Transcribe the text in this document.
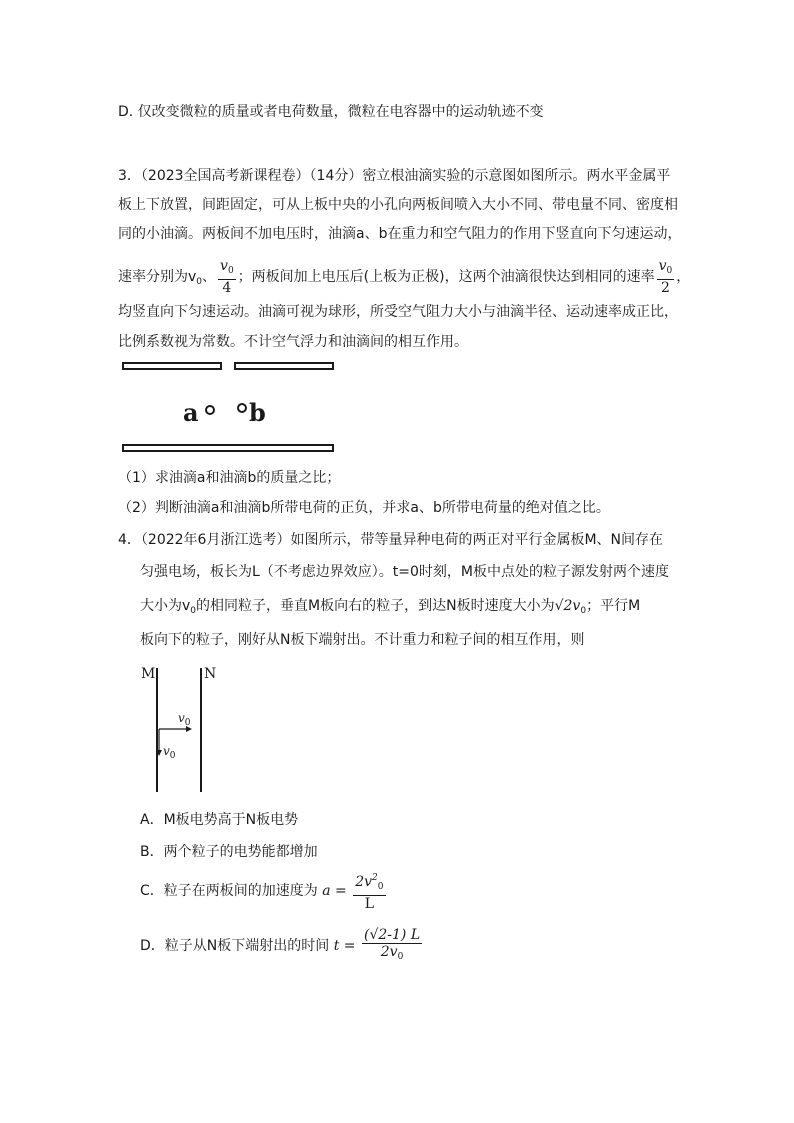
D. 仅改变微粒的质量或者电荷数量，微粒在电容器中的运动轨迹不变
3．（2023全国高考新课程卷）（14分）密立根油滴实验的示意图如图所示。两水平金属平
板上下放置，间距固定，可从上板中央的小孔向两板间喷入大小不同、带电量不同、密度相
同的小油滴。两板间不加电压时，油滴a、b在重力和空气阻力的作用下竖直向下匀速运动，
速率分别为$v_0$、 $\frac{v_0}{4}$ ；两板间加上电压后(上板为正极)，这两个油滴很快达到相同的速率 $\frac{v_0}{2}$ ，
均竖直向下匀速运动。油滴可视为球形，所受空气阻力大小与油滴半径、运动速率成正比，
比例系数视为常数。不计空气浮力和油滴间的相互作用。
a b
（1）求油滴a和油滴b的质量之比；
（2）判断油滴a和油滴b所带电荷的正负，并求a、b所带电荷量的绝对值之比。
4．（2022年6月浙江选考）如图所示，带等量异种电荷的两正对平行金属板M、N间存在
匀强电场，板长为L（不考虑边界效应）。t=0时刻，M板中点处的粒子源发射两个速度
大小为$v_0$的相同粒子，垂直M板向右的粒子，到达N板时速度大小为$√2v_0$；平行M
板向下的粒子，刚好从N板下端射出。不计重力和粒子间的相互作用，则
M	N
$v_0$
$v_0$
A．M板电势高于N板电势
B．两个粒子的电势能都增加
C．粒子在两板间的加速度为 $a = \frac{2v^2_0}{L}$
D．粒子从N板下端射出的时间 $t = \frac{(√2-1) L}{2v_0}$
